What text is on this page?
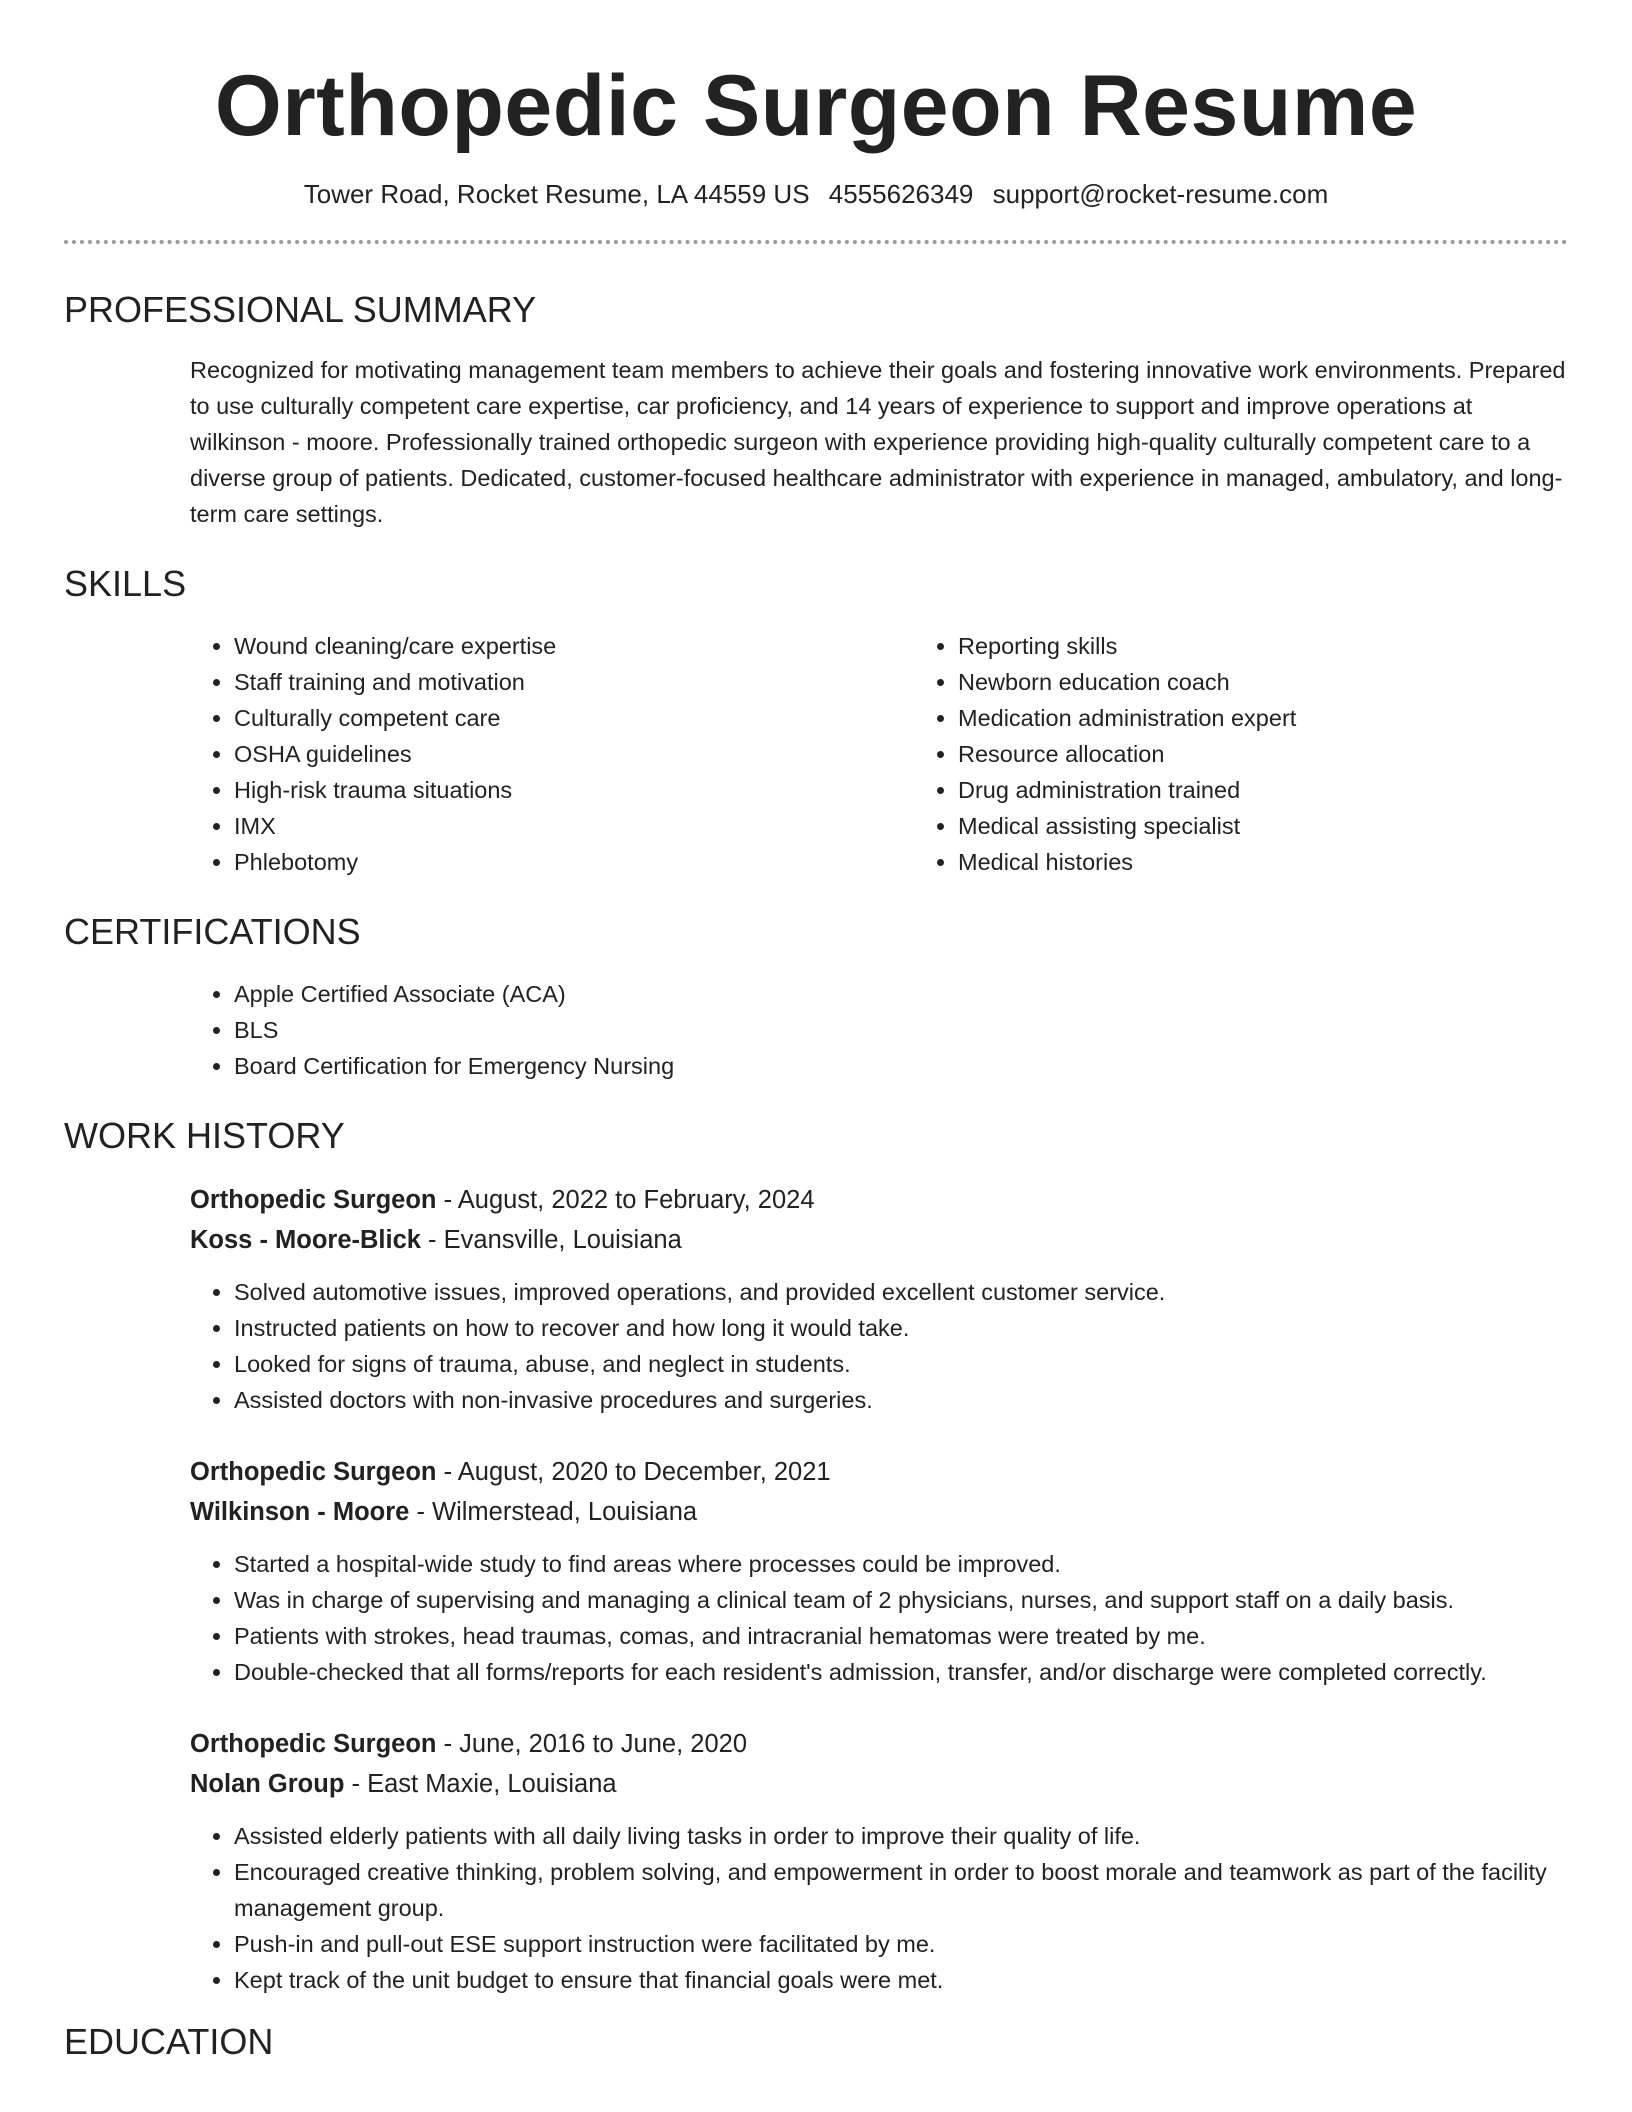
Orthopedic Surgeon Resume
Tower Road, Rocket Resume, LA 44559 US 4555626349 support@rocket-resume.com
PROFESSIONAL SUMMARY
Recognized for motivating management team members to achieve their goals and fostering innovative work environments. Prepared to use culturally competent care expertise, car proficiency, and 14 years of experience to support and improve operations at wilkinson - moore. Professionally trained orthopedic surgeon with experience providing high-quality culturally competent care to a diverse group of patients. Dedicated, customer-focused healthcare administrator with experience in managed, ambulatory, and long-term care settings.
SKILLS
• Wound cleaning/care expertise
• Staff training and motivation
• Culturally competent care
• OSHA guidelines
• High-risk trauma situations
• IMX
• Phlebotomy
• Reporting skills
• Newborn education coach
• Medication administration expert
• Resource allocation
• Drug administration trained
• Medical assisting specialist
• Medical histories
CERTIFICATIONS
• Apple Certified Associate (ACA)
• BLS
• Board Certification for Emergency Nursing
WORK HISTORY
Orthopedic Surgeon - August, 2022 to February, 2024
Koss - Moore-Blick - Evansville, Louisiana
• Solved automotive issues, improved operations, and provided excellent customer service.
• Instructed patients on how to recover and how long it would take.
• Looked for signs of trauma, abuse, and neglect in students.
• Assisted doctors with non-invasive procedures and surgeries.
Orthopedic Surgeon - August, 2020 to December, 2021
Wilkinson - Moore - Wilmerstead, Louisiana
• Started a hospital-wide study to find areas where processes could be improved.
• Was in charge of supervising and managing a clinical team of 2 physicians, nurses, and support staff on a daily basis.
• Patients with strokes, head traumas, comas, and intracranial hematomas were treated by me.
• Double-checked that all forms/reports for each resident's admission, transfer, and/or discharge were completed correctly.
Orthopedic Surgeon - June, 2016 to June, 2020
Nolan Group - East Maxie, Louisiana
• Assisted elderly patients with all daily living tasks in order to improve their quality of life.
• Encouraged creative thinking, problem solving, and empowerment in order to boost morale and teamwork as part of the facility management group.
• Push-in and pull-out ESE support instruction were facilitated by me.
• Kept track of the unit budget to ensure that financial goals were met.
EDUCATION
